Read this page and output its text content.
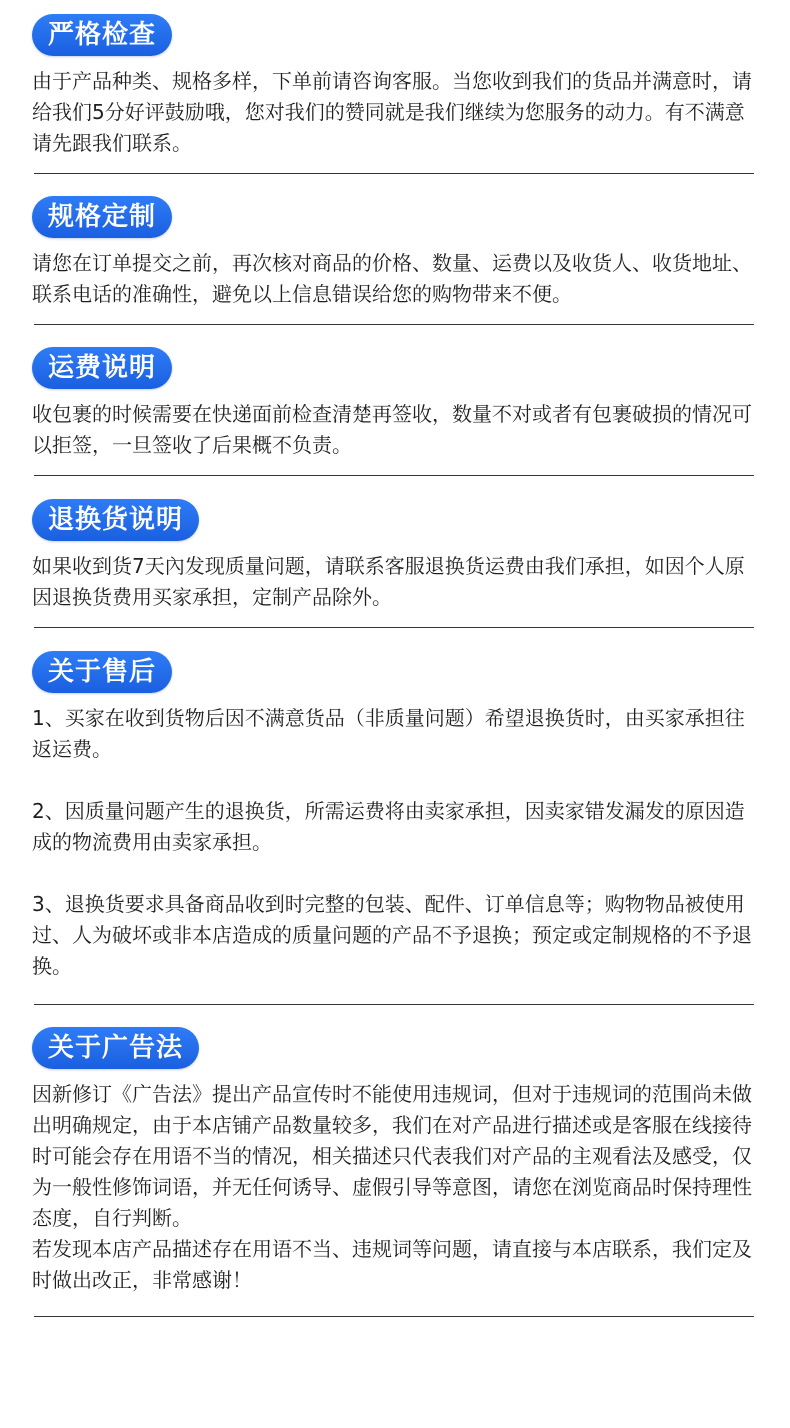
严格检查

由于产品种类、规格多样，下单前请咨询客服。当您收到我们的货品并满意时，请给我们5分好评鼓励哦，您对我们的赞同就是我们继续为您服务的动力。有不满意请先跟我们联系。

规格定制

请您在订单提交之前，再次核对商品的价格、数量、运费以及收货人、收货地址、联系电话的准确性，避免以上信息错误给您的购物带来不便。

运费说明

收包裹的时候需要在快递面前检查清楚再签收，数量不对或者有包裹破损的情况可以拒签，一旦签收了后果概不负责。

退换货说明

如果收到货7天內发现质量问题，请联系客服退换货运费由我们承担，如因个人原因退换货费用买家承担，定制产品除外。

关于售后

1、买家在收到货物后因不满意货品（非质量问题）希望退换货时，由买家承担往返运费。

2、因质量问题产生的退换货，所需运费将由卖家承担，因卖家错发漏发的原因造成的物流费用由卖家承担。

3、退换货要求具备商品收到时完整的包装、配件、订单信息等；购物物品被使用过、人为破坏或非本店造成的质量问题的产品不予退换；预定或定制规格的不予退换。

关于广告法

因新修订《广告法》提出产品宣传时不能使用违规词，但对于违规词的范围尚未做出明确规定，由于本店铺产品数量较多，我们在对产品进行描述或是客服在线接待时可能会存在用语不当的情况，相关描述只代表我们对产品的主观看法及感受，仅为一般性修饰词语，并无任何诱导、虚假引导等意图，请您在浏览商品时保持理性态度，自行判断。

若发现本店产品描述存在用语不当、违规词等问题，请直接与本店联系，我们定及时做出改正，非常感谢！
